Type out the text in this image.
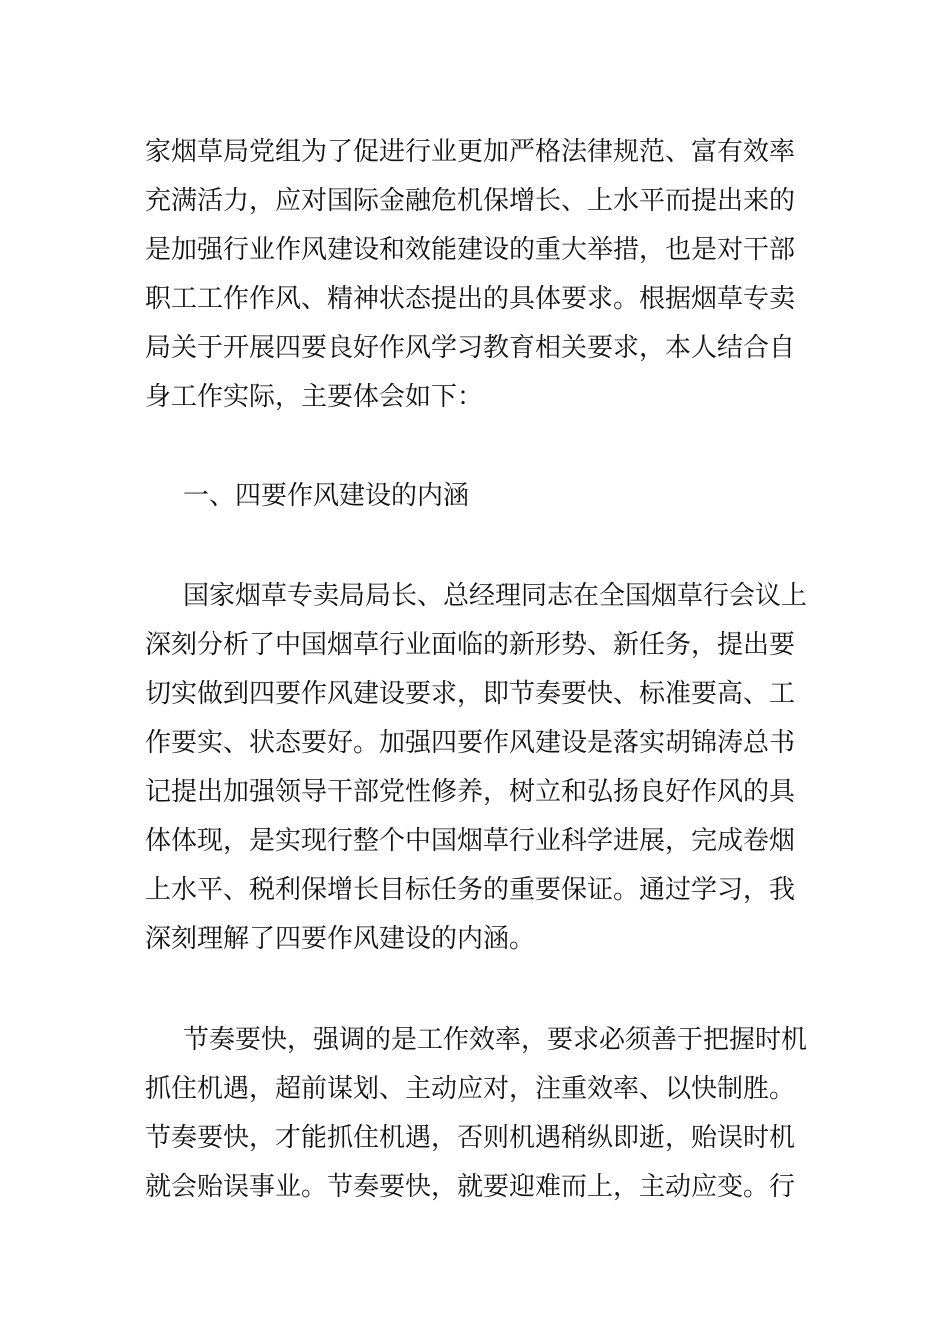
家烟草局党组为了促进行业更加严格法律规范、富有效率

充满活力，应对国际金融危机保增长、上水平而提出来的

是加强行业作风建设和效能建设的重大举措，也是对干部

职工工作作风、精神状态提出的具体要求。根据烟草专卖

局关于开展四要良好作风学习教育相关要求，本人结合自

身工作实际，主要体会如下：

一、四要作风建设的内涵

国家烟草专卖局局长、总经理同志在全国烟草行会议上

深刻分析了中国烟草行业面临的新形势、新任务，提出要

切实做到四要作风建设要求，即节奏要快、标准要高、工

作要实、状态要好。加强四要作风建设是落实胡锦涛总书

记提出加强领导干部党性修养，树立和弘扬良好作风的具

体体现，是实现行整个中国烟草行业科学进展，完成卷烟

上水平、税利保增长目标任务的重要保证。通过学习，我

深刻理解了四要作风建设的内涵。

节奏要快，强调的是工作效率，要求必须善于把握时机

抓住机遇，超前谋划、主动应对，注重效率、以快制胜。

节奏要快，才能抓住机遇，否则机遇稍纵即逝，贻误时机

就会贻误事业。节奏要快，就要迎难而上，主动应变。行
